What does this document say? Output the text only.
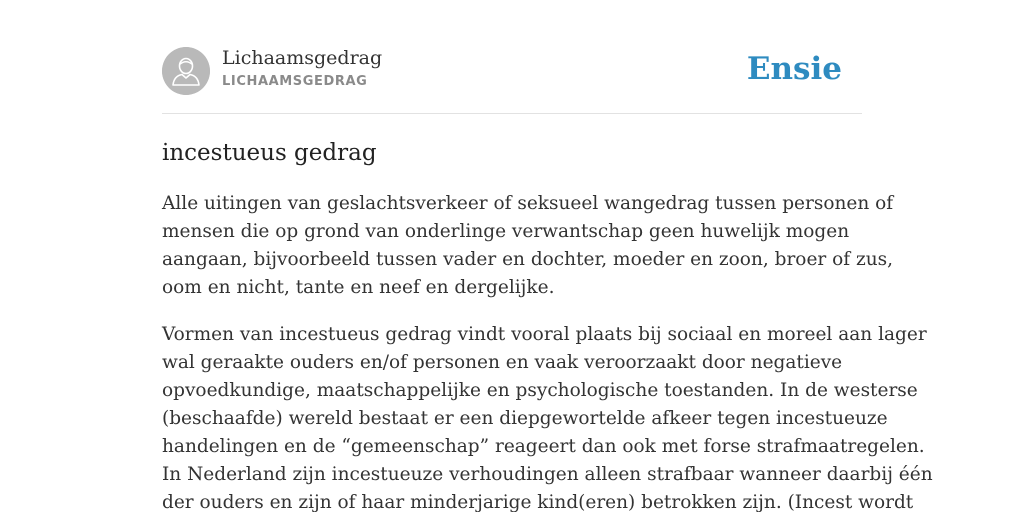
Lichaamsgedrag
LICHAAMSGEDRAG	Ensie
incestueus gedrag

Alle uitingen van geslachtsverkeer of seksueel wangedrag tussen personen of
mensen die op grond van onderlinge verwantschap geen huwelijk mogen
aangaan, bijvoorbeeld tussen vader en dochter, moeder en zoon, broer of zus,
oom en nicht, tante en neef en dergelijke.

Vormen van incestueus gedrag vindt vooral plaats bij sociaal en moreel aan lager
wal geraakte ouders en/of personen en vaak veroorzaakt door negatieve
opvoedkundige, maatschappelijke en psychologische toestanden. In de westerse
(beschaafde) wereld bestaat er een diepgewortelde afkeer tegen incestueuze
handelingen en de “gemeenschap” reageert dan ook met forse strafmaatregelen.
In Nederland zijn incestueuze verhoudingen alleen strafbaar wanneer daarbij één
der ouders en zijn of haar minderjarige kind(eren) betrokken zijn. (Incest wordt
